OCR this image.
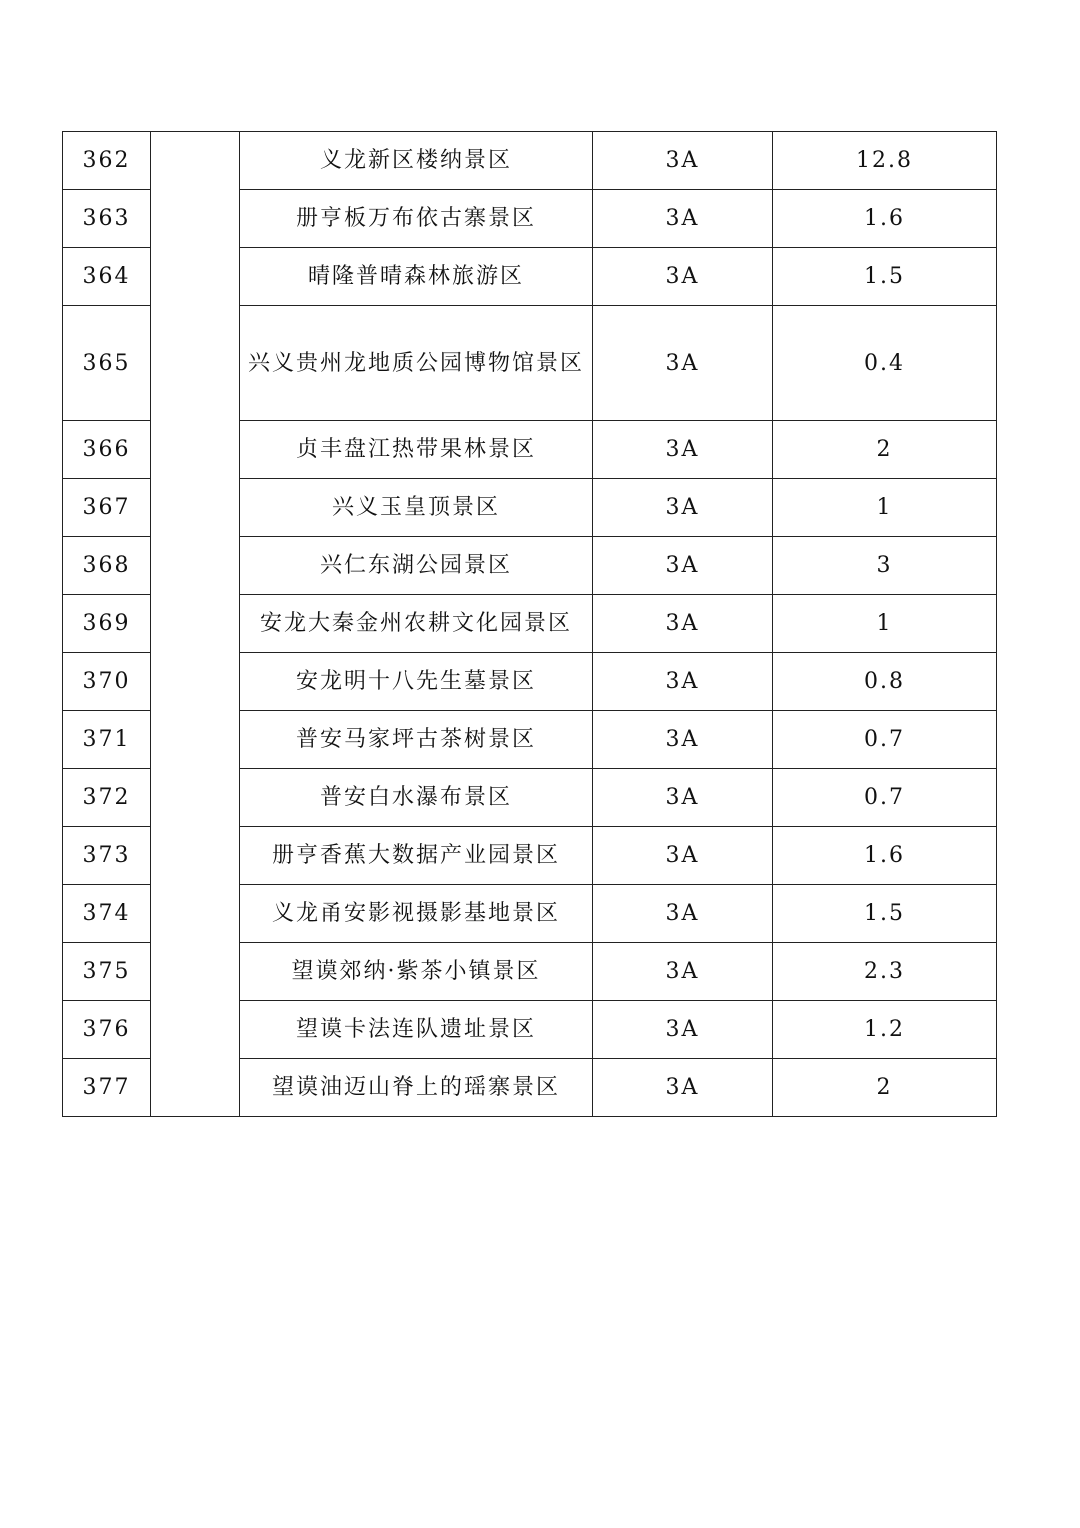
362		义龙新区楼纳景区	3A	12.8
363		册亨板万布依古寨景区	3A	1.6
364		晴隆普晴森林旅游区	3A	1.5
365		兴义贵州龙地质公园博物馆景区	3A	0.4
366		贞丰盘江热带果林景区	3A	2
367		兴义玉皇顶景区	3A	1
368		兴仁东湖公园景区	3A	3
369		安龙大秦金州农耕文化园景区	3A	1
370		安龙明十八先生墓景区	3A	0.8
371		普安马家坪古茶树景区	3A	0.7
372		普安白水瀑布景区	3A	0.7
373		册亨香蕉大数据产业园景区	3A	1.6
374		义龙甬安影视摄影基地景区	3A	1.5
375		望谟郊纳·紫茶小镇景区	3A	2.3
376		望谟卡法连队遗址景区	3A	1.2
377		望谟油迈山脊上的瑶寨景区	3A	2
